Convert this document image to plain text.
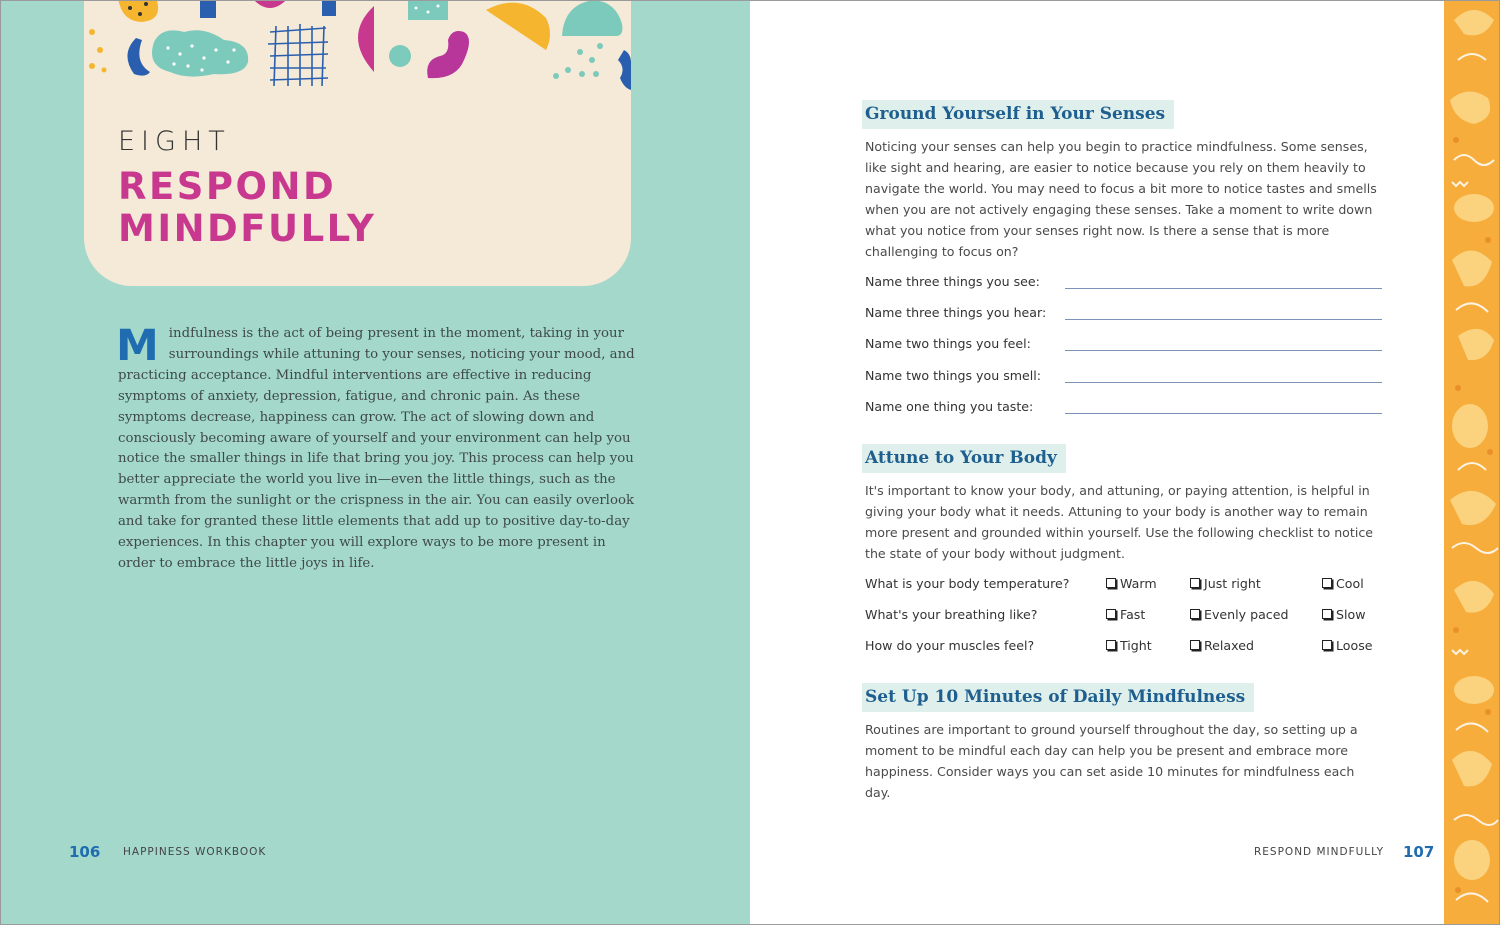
EIGHT
RESPOND
MINDFULLY
Mindfulness is the act of being present in the moment, taking in your surroundings while attuning to your senses, noticing your mood, and practicing acceptance. Mindful interventions are effective in reducing symptoms of anxiety, depression, fatigue, and chronic pain. As these symptoms decrease, happiness can grow. The act of slowing down and consciously becoming aware of yourself and your environment can help you notice the smaller things in life that bring you joy. This process can help you better appreciate the world you live in—even the little things, such as the warmth from the sunlight or the crispness in the air. You can easily overlook and take for granted these little elements that add up to positive day-to-day experiences. In this chapter you will explore ways to be more present in order to embrace the little joys in life.
106 HAPPINESS WORKBOOK
Ground Yourself in Your Senses
Noticing your senses can help you begin to practice mindfulness. Some senses, like sight and hearing, are easier to notice because you rely on them heavily to navigate the world. You may need to focus a bit more to notice tastes and smells when you are not actively engaging these senses. Take a moment to write down what you notice from your senses right now. Is there a sense that is more challenging to focus on?
Name three things you see:
Name three things you hear:
Name two things you feel:
Name two things you smell:
Name one thing you taste:
Attune to Your Body
It's important to know your body, and attuning, or paying attention, is helpful in giving your body what it needs. Attuning to your body is another way to remain more present and grounded within yourself. Use the following checklist to notice the state of your body without judgment.
What is your body temperature?	Warm	Just right	Cool
What's your breathing like?	Fast	Evenly paced	Slow
How do your muscles feel?	Tight	Relaxed	Loose
Set Up 10 Minutes of Daily Mindfulness
Routines are important to ground yourself throughout the day, so setting up a moment to be mindful each day can help you be present and embrace more happiness. Consider ways you can set aside 10 minutes for mindfulness each day.
RESPOND MINDFULLY 107
